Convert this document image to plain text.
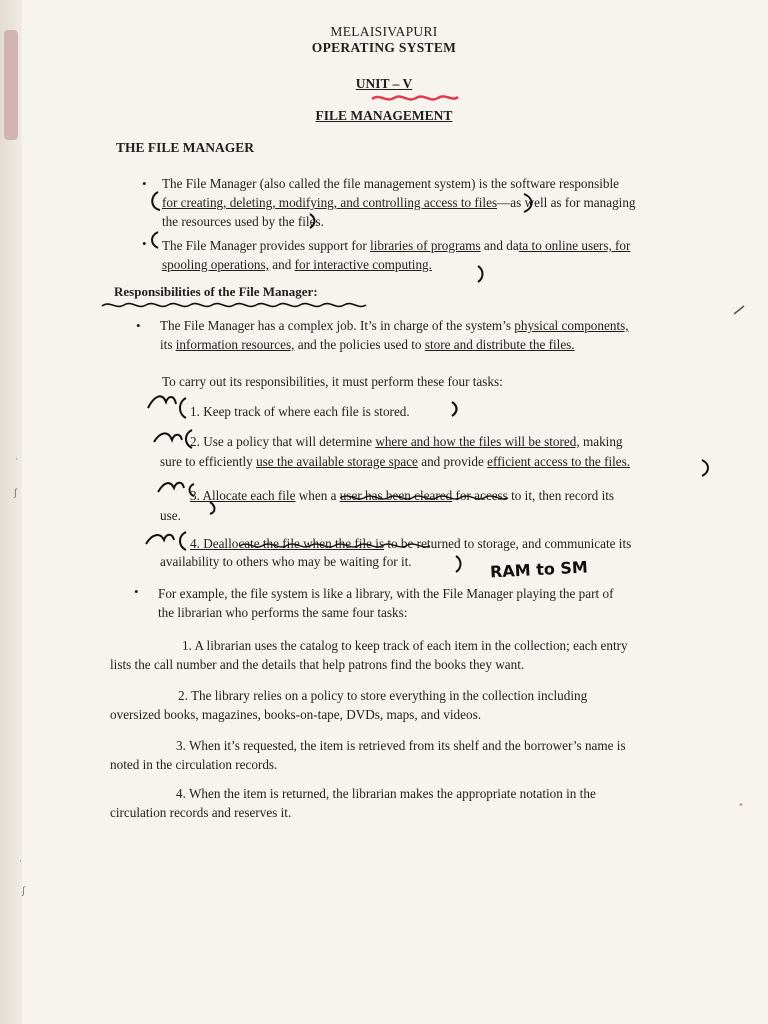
˙
ʃ
˙
ʃ
MELAISIVAPURI
OPERATING SYSTEM
UNIT – V
FILE MANAGEMENT
THE FILE MANAGER
• The File Manager (also called the file management system) is the software responsible
for creating, deleting, modifying, and controlling access to files—as well as for managing
the resources used by the files.
• The File Manager provides support for libraries of programs and data to online users, for
spooling operations, and for interactive computing.
Responsibilities of the File Manager:
• The File Manager has a complex job. It’s in charge of the system’s physical components,
its information resources, and the policies used to store and distribute the files.
To carry out its responsibilities, it must perform these four tasks:
1. Keep track of where each file is stored.
2. Use a policy that will determine where and how the files will be stored, making
sure to efficiently use the available storage space and provide efficient access to the files.
3. Allocate each file when a user has been cleared for access to it, then record its
use.
4. Deallocate the file when the file is to be returned to storage, and communicate its
availability to others who may be waiting for it.	RAM to SM
• For example, the file system is like a library, with the File Manager playing the part of
the librarian who performs the same four tasks:
1. A librarian uses the catalog to keep track of each item in the collection; each entry
lists the call number and the details that help patrons find the books they want.
2. The library relies on a policy to store everything in the collection including
oversized books, magazines, books-on-tape, DVDs, maps, and videos.
3. When it’s requested, the item is retrieved from its shelf and the borrower’s name is
noted in the circulation records.
4. When the item is returned, the librarian makes the appropriate notation in the
circulation records and reserves it.	•
